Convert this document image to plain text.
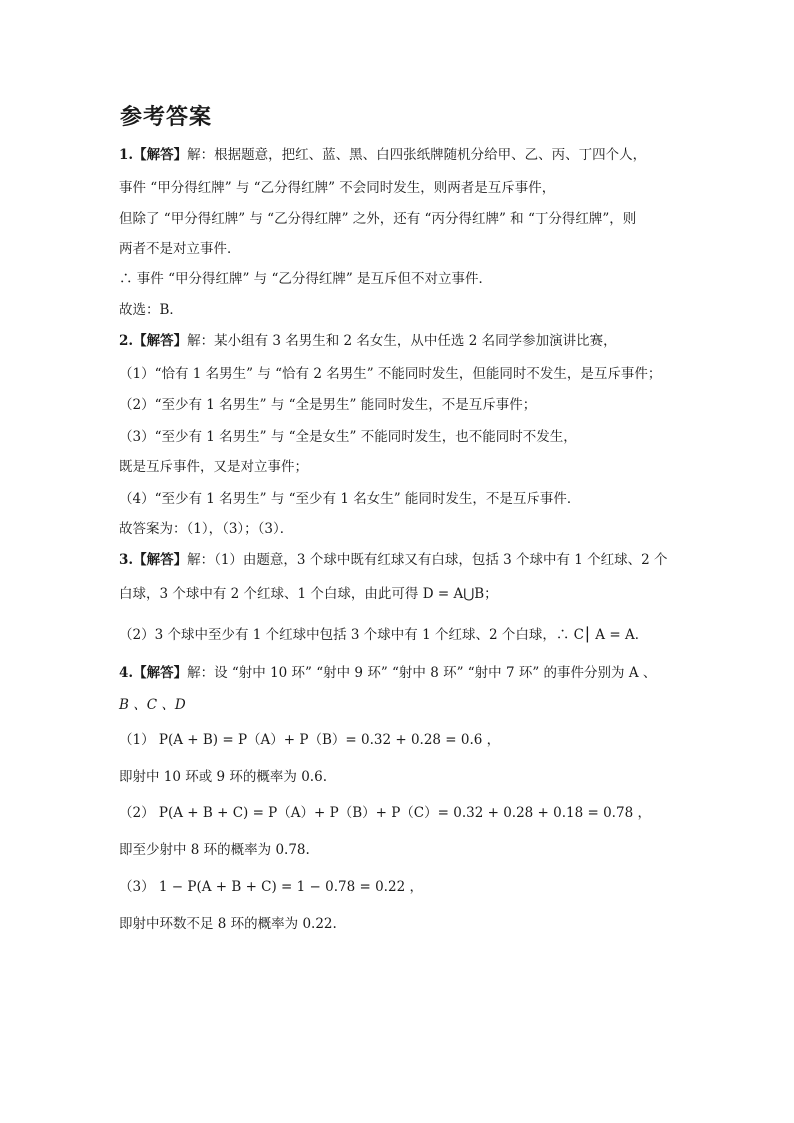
参考答案
1.【解答】解：根据题意，把红、蓝、黑、白四张纸牌随机分给甲、乙、丙、丁四个人，
事件 “甲分得红牌” 与 “乙分得红牌” 不会同时发生，则两者是互斥事件，
但除了 “甲分得红牌” 与 “乙分得红牌” 之外，还有 “丙分得红牌” 和 “丁分得红牌”，则
两者不是对立事件．
∴ 事件 “甲分得红牌” 与 “乙分得红牌” 是互斥但不对立事件．
故选：B．
2.【解答】解：某小组有 3 名男生和 2 名女生，从中任选 2 名同学参加演讲比赛，
（1）“恰有 1 名男生” 与 “恰有 2 名男生” 不能同时发生，但能同时不发生，是互斥事件；
（2）“至少有 1 名男生” 与 “全是男生” 能同时发生，不是互斥事件；
（3）“至少有 1 名男生” 与 “全是女生” 不能同时发生，也不能同时不发生，
既是互斥事件，又是对立事件；
（4）“至少有 1 名男生” 与 “至少有 1 名女生” 能同时发生，不是互斥事件．
故答案为：（1），（3）；（3）．
3.【解答】解：（1）由题意，3 个球中既有红球又有白球，包括 3 个球中有 1 个红球、2 个
白球，3 个球中有 2 个红球、1 个白球，由此可得 D = A⋃B；
（2）3 个球中至少有 1 个红球中包括 3 个球中有 1 个红球、2 个白球，∴ C⎮ A = A．
4.【解答】解：设 “射中 10 环” “射中 9 环” “射中 8 环” “射中 7 环” 的事件分别为 A 、
B 、C 、D
（1） P(A + B) = P（A）+ P（B）= 0.32 + 0.28 = 0.6 ，
即射中 10 环或 9 环的概率为 0.6.
（2） P(A + B + C) = P（A）+ P（B）+ P（C）= 0.32 + 0.28 + 0.18 = 0.78 ，
即至少射中 8 环的概率为 0.78.
（3） 1 − P(A + B + C) = 1 − 0.78 = 0.22 ，
即射中环数不足 8 环的概率为 0.22.
